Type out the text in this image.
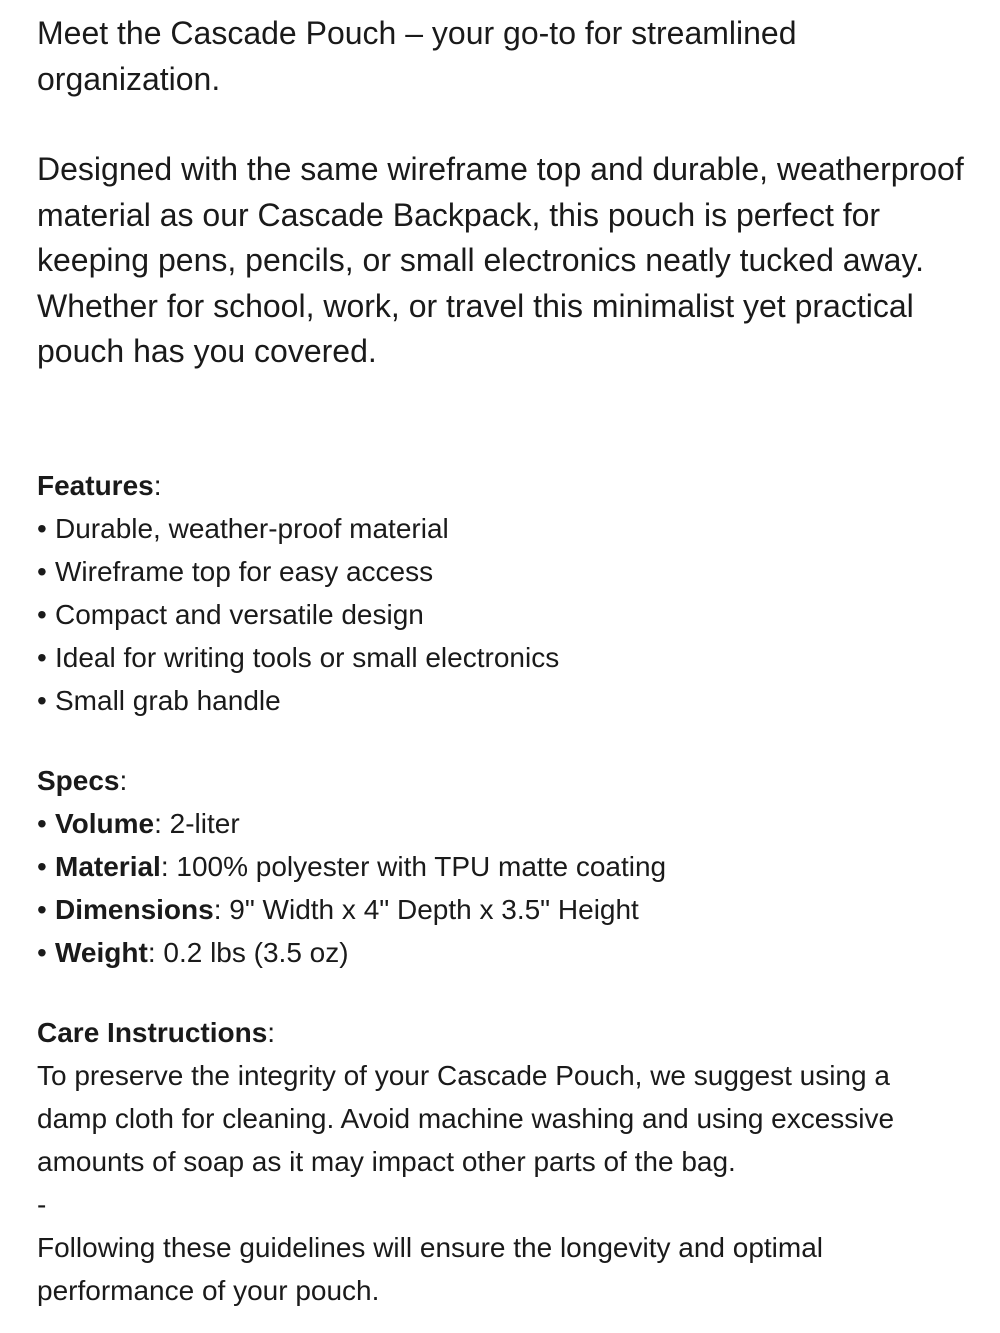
Meet the Cascade Pouch – your go-to for streamlined organization.

Designed with the same wireframe top and durable, weatherproof material as our Cascade Backpack, this pouch is perfect for keeping pens, pencils, or small electronics neatly tucked away. Whether for school, work, or travel this minimalist yet practical pouch has you covered.

Features:

• Durable, weather-proof material
• Wireframe top for easy access
• Compact and versatile design
• Ideal for writing tools or small electronics
• Small grab handle

Specs:

• Volume: 2-liter
• Material: 100% polyester with TPU matte coating
• Dimensions: 9" Width x 4" Depth x 3.5" Height
• Weight: 0.2 lbs (3.5 oz)

Care Instructions:

To preserve the integrity of your Cascade Pouch, we suggest using a damp cloth for cleaning. Avoid machine washing and using excessive amounts of soap as it may impact other parts of the bag.

-

Following these guidelines will ensure the longevity and optimal performance of your pouch.
